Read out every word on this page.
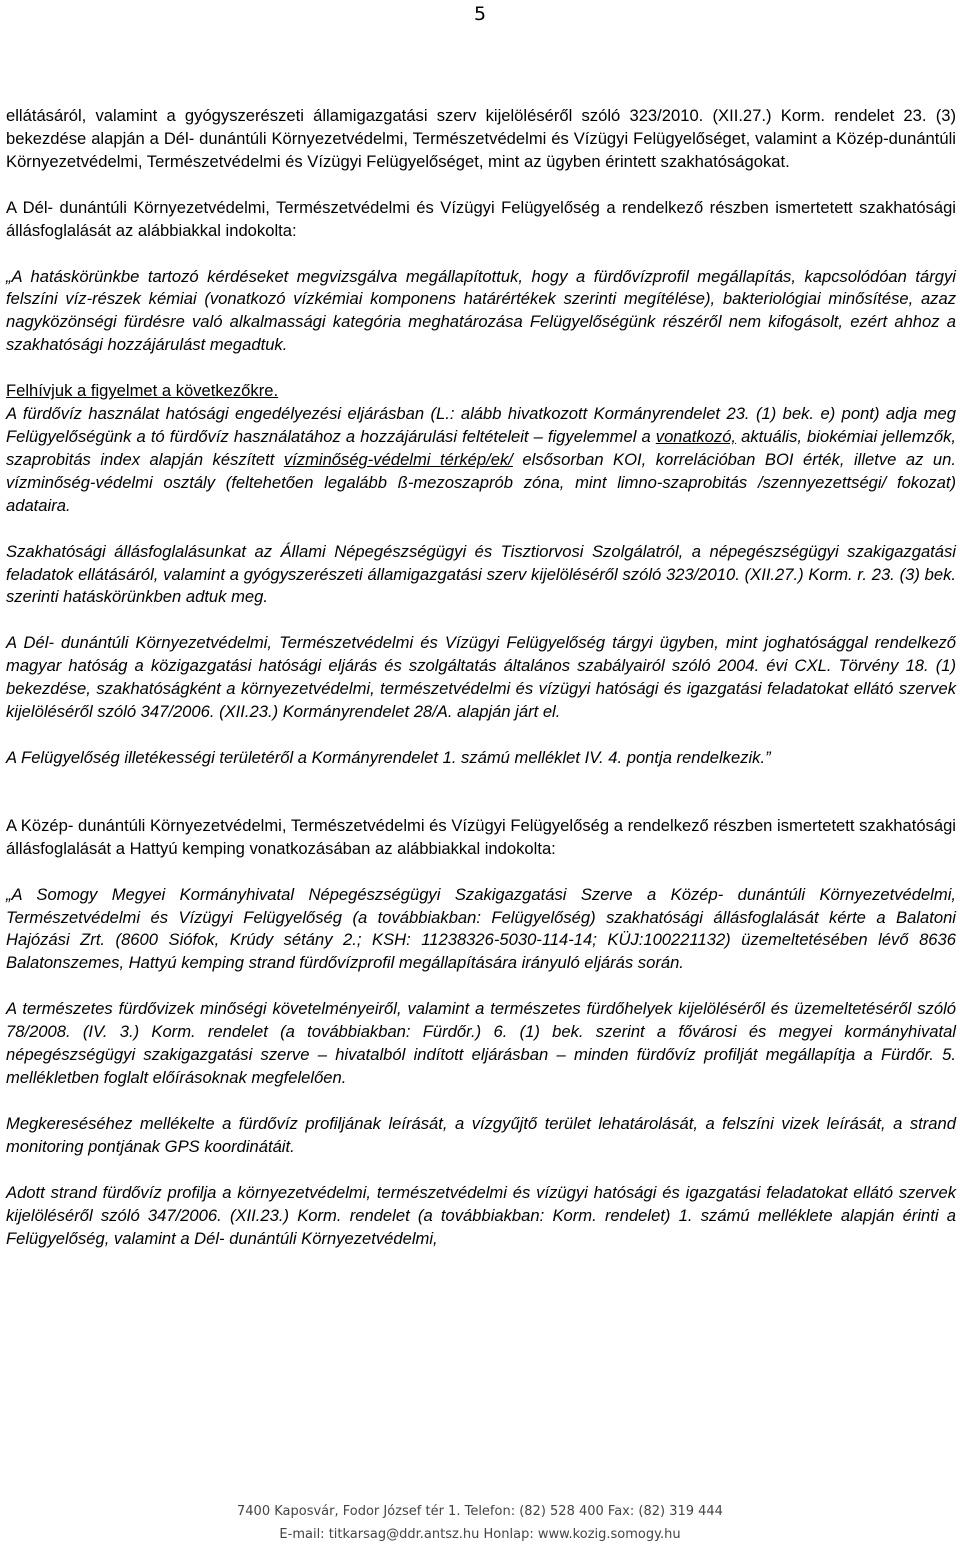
5

ellátásáról, valamint a gyógyszerészeti államigazgatási szerv kijelöléséről szóló 323/2010. (XII.27.) Korm. rendelet 23. (3) bekezdése alapján a Dél- dunántúli Környezetvédelmi, Természetvédelmi és Vízügyi Felügyelőséget, valamint a Közép-dunántúli Környezetvédelmi, Természetvédelmi és Vízügyi Felügyelőséget, mint az ügyben érintett szakhatóságokat.

A Dél- dunántúli Környezetvédelmi, Természetvédelmi és Vízügyi Felügyelőség a rendelkező részben ismertetett szakhatósági állásfoglalását az alábbiakkal indokolta:

„A hatáskörünkbe tartozó kérdéseket megvizsgálva megállapítottuk, hogy a fürdővízprofil megállapítás, kapcsolódóan tárgyi felszíni víz-részek kémiai (vonatkozó vízkémiai komponens határértékek szerinti megítélése), bakteriológiai minősítése, azaz nagyközönségi fürdésre való alkalmassági kategória meghatározása Felügyelőségünk részéről nem kifogásolt, ezért ahhoz a szakhatósági hozzájárulást megadtuk.

Felhívjuk a figyelmet a következőkre.

A fürdővíz használat hatósági engedélyezési eljárásban (L.: alább hivatkozott Kormányrendelet 23. (1) bek. e) pont) adja meg Felügyelőségünk a tó fürdővíz használatához a hozzájárulási feltételeit – figyelemmel a vonatkozó, aktuális, biokémiai jellemzők, szaprobitás index alapján készített vízminőség-védelmi térkép/ek/ elsősorban KOI, korrelációban BOI érték, illetve az un. vízminőség-védelmi osztály (feltehetően legalább ß-mezoszaprób zóna, mint limno-szaprobitás /szennyezettségi/ fokozat) adataira.

Szakhatósági állásfoglalásunkat az Állami Népegészségügyi és Tisztiorvosi Szolgálatról, a népegészségügyi szakigazgatási feladatok ellátásáról, valamint a gyógyszerészeti államigazgatási szerv kijelöléséről szóló 323/2010. (XII.27.) Korm. r. 23. (3) bek. szerinti hatáskörünkben adtuk meg.

A Dél- dunántúli Környezetvédelmi, Természetvédelmi és Vízügyi Felügyelőség tárgyi ügyben, mint joghatósággal rendelkező magyar hatóság a közigazgatási hatósági eljárás és szolgáltatás általános szabályairól szóló 2004. évi CXL. Törvény 18. (1) bekezdése, szakhatóságként a környezetvédelmi, természetvédelmi és vízügyi hatósági és igazgatási feladatokat ellátó szervek kijelöléséről szóló 347/2006. (XII.23.) Kormányrendelet 28/A. alapján járt el.

A Felügyelőség illetékességi területéről a Kormányrendelet 1. számú melléklet IV. 4. pontja rendelkezik.”

A Közép- dunántúli Környezetvédelmi, Természetvédelmi és Vízügyi Felügyelőség a rendelkező részben ismertetett szakhatósági állásfoglalását a Hattyú kemping vonatkozásában az alábbiakkal indokolta:

„A Somogy Megyei Kormányhivatal Népegészségügyi Szakigazgatási Szerve a Közép- dunántúli Környezetvédelmi, Természetvédelmi és Vízügyi Felügyelőség (a továbbiakban: Felügyelőség) szakhatósági állásfoglalását kérte a Balatoni Hajózási Zrt. (8600 Siófok, Krúdy sétány 2.; KSH: 11238326-5030-114-14; KÜJ:100221132) üzemeltetésében lévő 8636 Balatonszemes, Hattyú kemping strand fürdővízprofil megállapítására irányuló eljárás során.

A természetes fürdővizek minőségi követelményeiről, valamint a természetes fürdőhelyek kijelöléséről és üzemeltetéséről szóló 78/2008. (IV. 3.) Korm. rendelet (a továbbiakban: Fürdőr.) 6. (1) bek. szerint a fővárosi és megyei kormányhivatal népegészségügyi szakigazgatási szerve – hivatalból indított eljárásban – minden fürdővíz profilját megállapítja a Fürdőr. 5. mellékletben foglalt előírásoknak megfelelően.

Megkereséséhez mellékelte a fürdővíz profiljának leírását, a vízgyűjtő terület lehatárolását, a felszíni vizek leírását, a strand monitoring pontjának GPS koordinátáit.

Adott strand fürdővíz profilja a környezetvédelmi, természetvédelmi és vízügyi hatósági és igazgatási feladatokat ellátó szervek kijelöléséről szóló 347/2006. (XII.23.) Korm. rendelet (a továbbiakban: Korm. rendelet) 1. számú melléklete alapján érinti a Felügyelőség, valamint a Dél- dunántúli Környezetvédelmi,

7400 Kaposvár, Fodor József tér 1. Telefon: (82) 528 400 Fax: (82) 319 444
E-mail: titkarsag@ddr.antsz.hu Honlap: www.kozig.somogy.hu
